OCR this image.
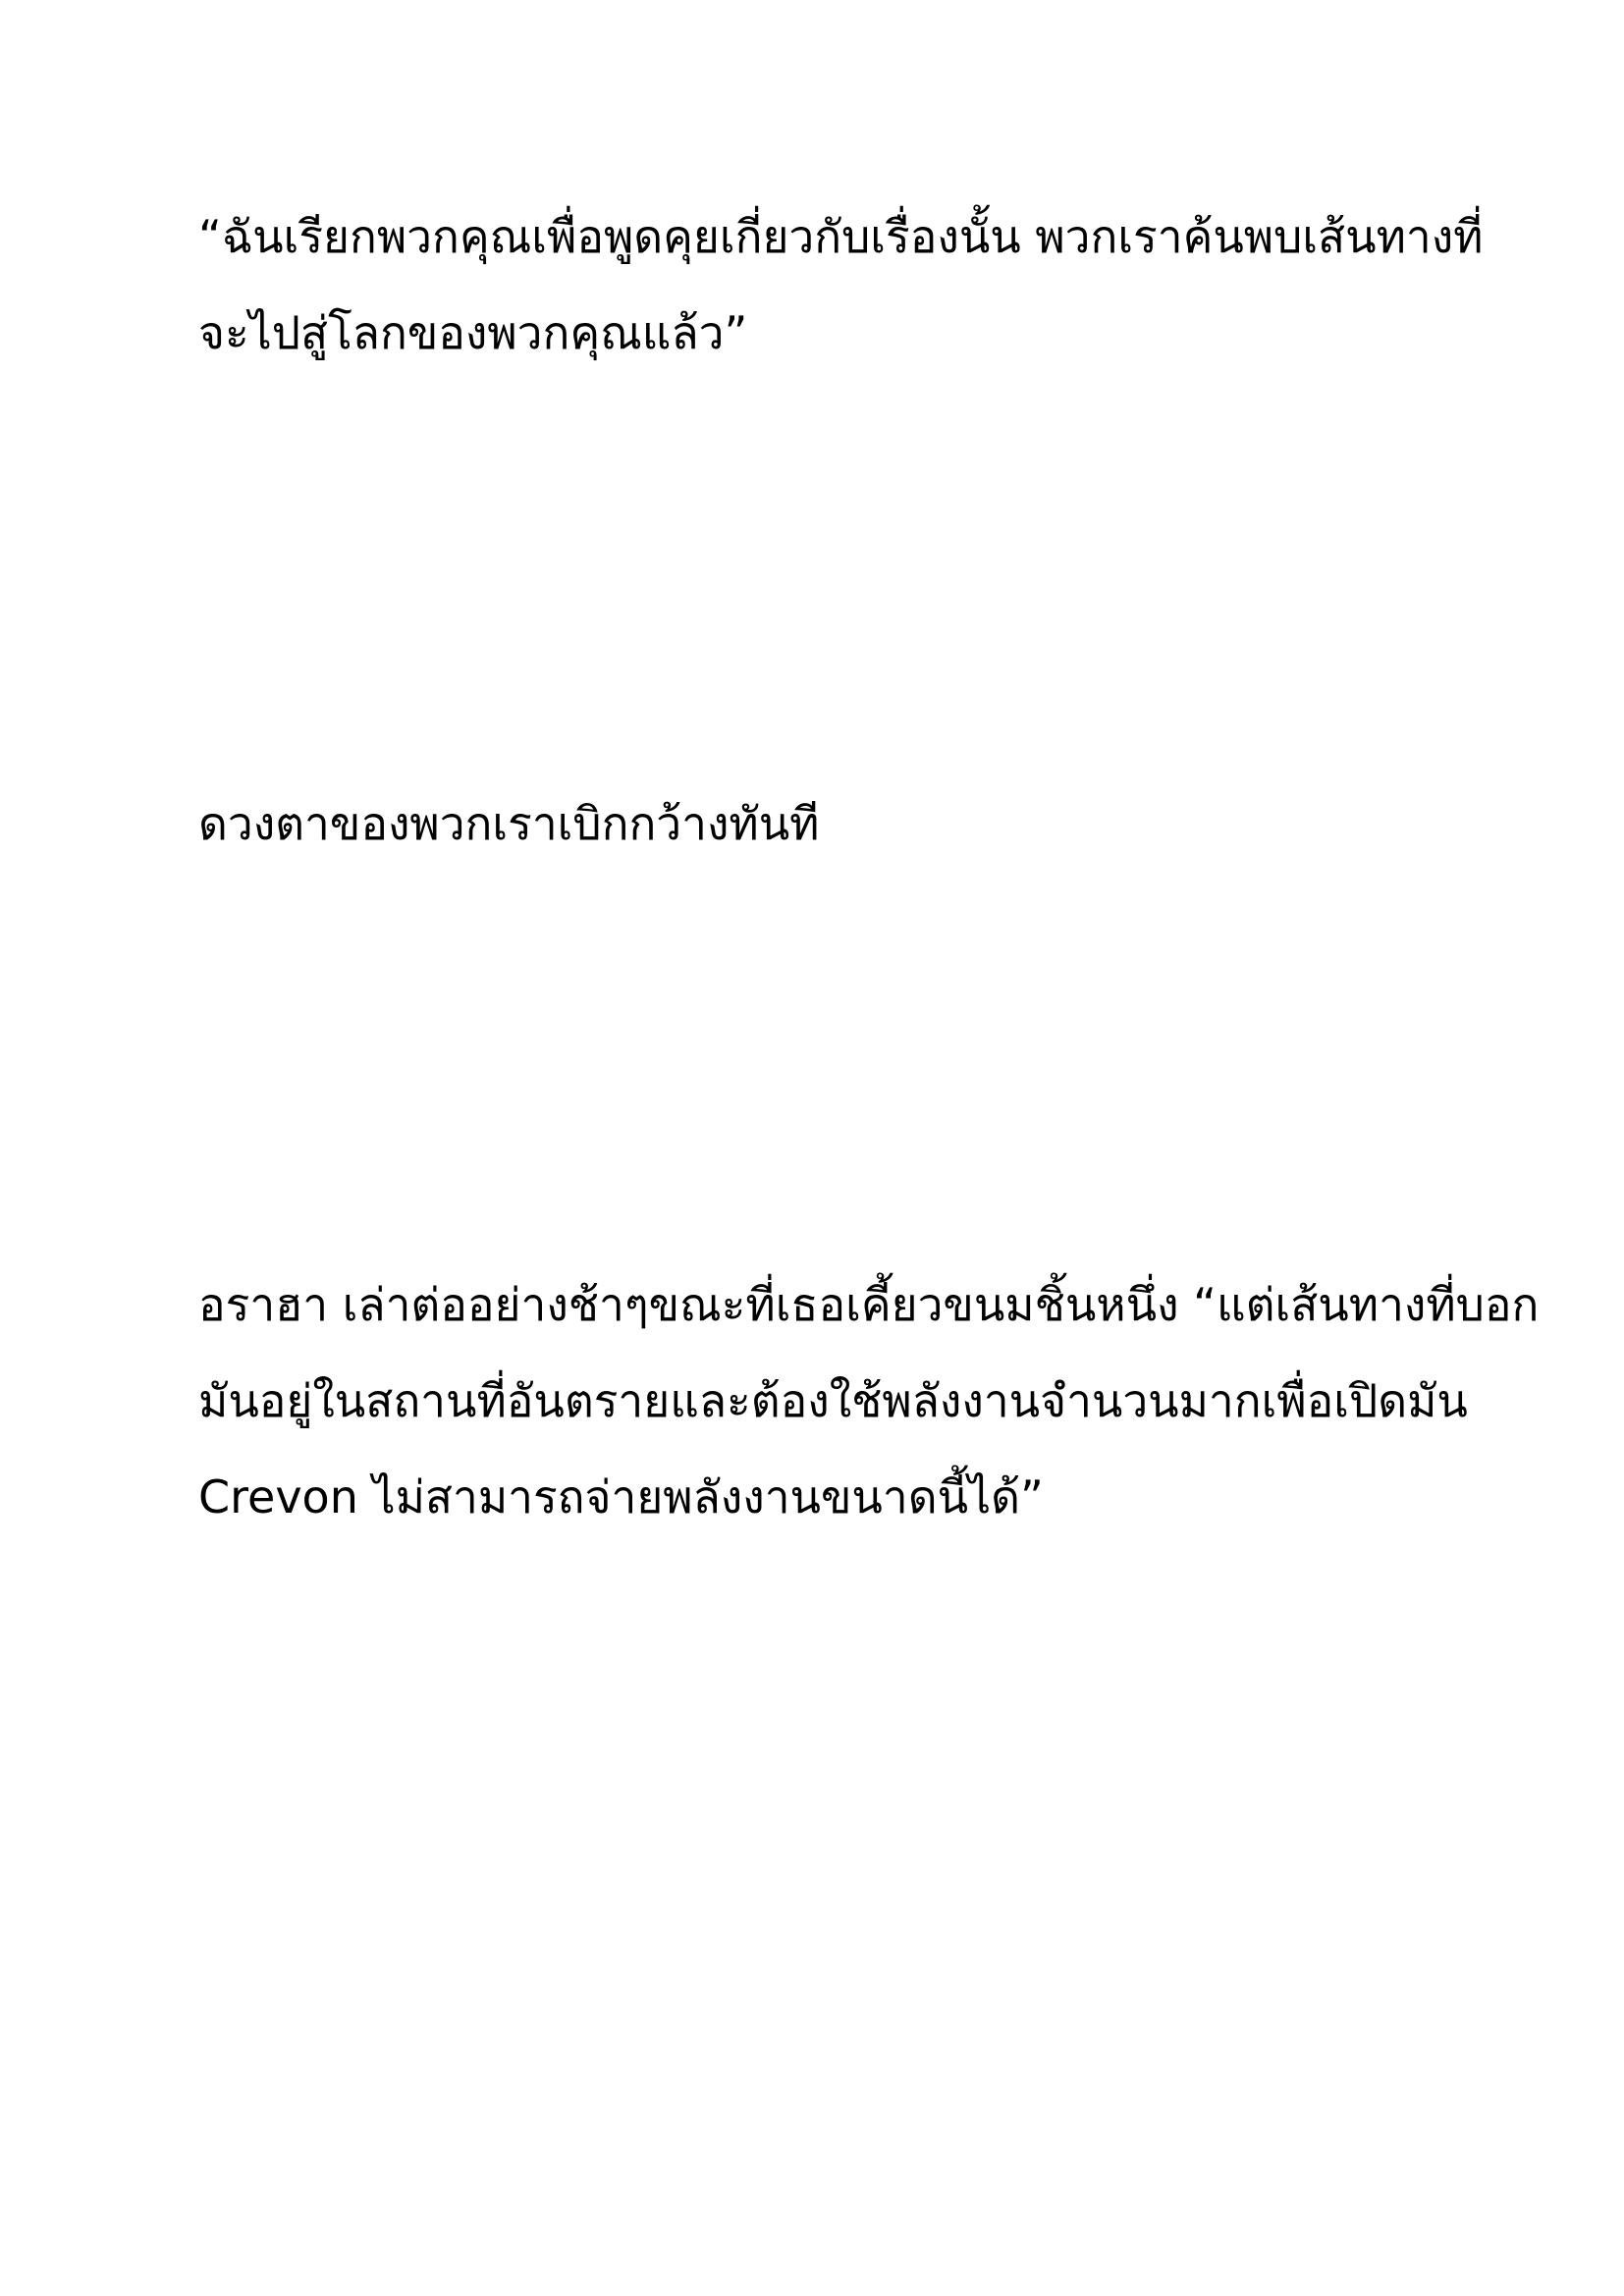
“ฉันเรียกพวกคุณเพื่อพูดคุยเกี่ยวกับเรื่องนั้น พวกเราค้นพบเส้นทางที่
จะไปสู่โลกของพวกคุณแล้ว”
ดวงตาของพวกเราเบิกกว้างทันที
อราฮา เล่าต่ออย่างช้าๆขณะที่เธอเคี้ยวขนมชิ้นหนึ่ง “แต่เส้นทางที่บอก
มันอยู่ในสถานที่อันตรายและต้องใช้พลังงานจำนวนมากเพื่อเปิดมัน
Crevon ไม่สามารถจ่ายพลังงานขนาดนี้ได้”
